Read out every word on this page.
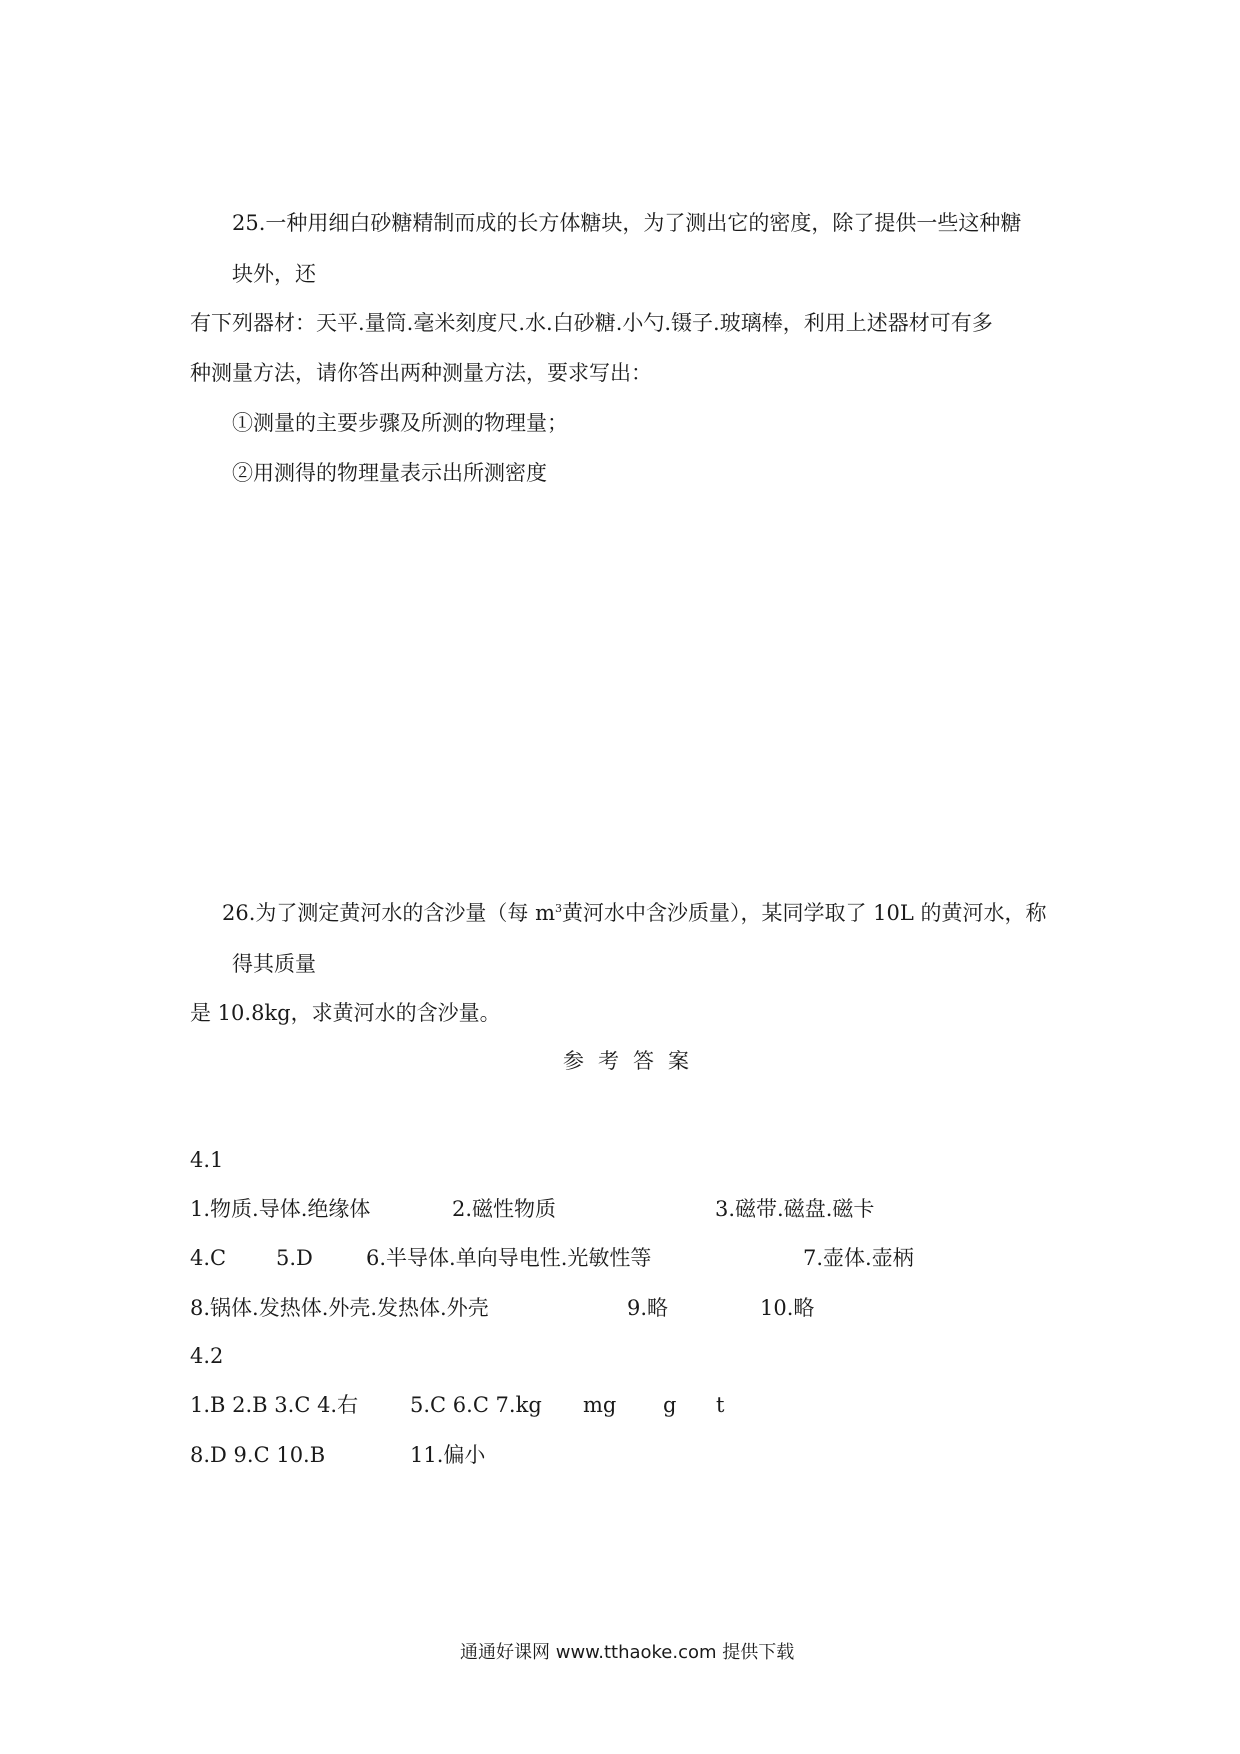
25.一种用细白砂糖精制而成的长方体糖块，为了测出它的密度，除了提供一些这种糖
块外，还
有下列器材：天平.量筒.毫米刻度尺.水.白砂糖.小勺.镊子.玻璃棒，利用上述器材可有多
种测量方法，请你答出两种测量方法，要求写出：
①测量的主要步骤及所测的物理量；
②用测得的物理量表示出所测密度
26.为了测定黄河水的含沙量（每 $m^3$黄河水中含沙质量），某同学取了 10L 的黄河水，称
得其质量
是 10.8kg，求黄河水的含沙量。
参考答案
4.1
1.物质.导体.绝缘体	2.磁性物质	3.磁带.磁盘.磁卡
4.C 5.D	6.半导体.单向导电性.光敏性等	7.壶体.壶柄
8.锅体.发热体.外壳.发热体.外壳	9.略	10.略
4.2
1.B 2.B 3.C 4.右 5.C 6.C 7.kg mg g t
8.D 9.C 10.B	11.偏小
通通好课网 www.tthaoke.com 提供下载
